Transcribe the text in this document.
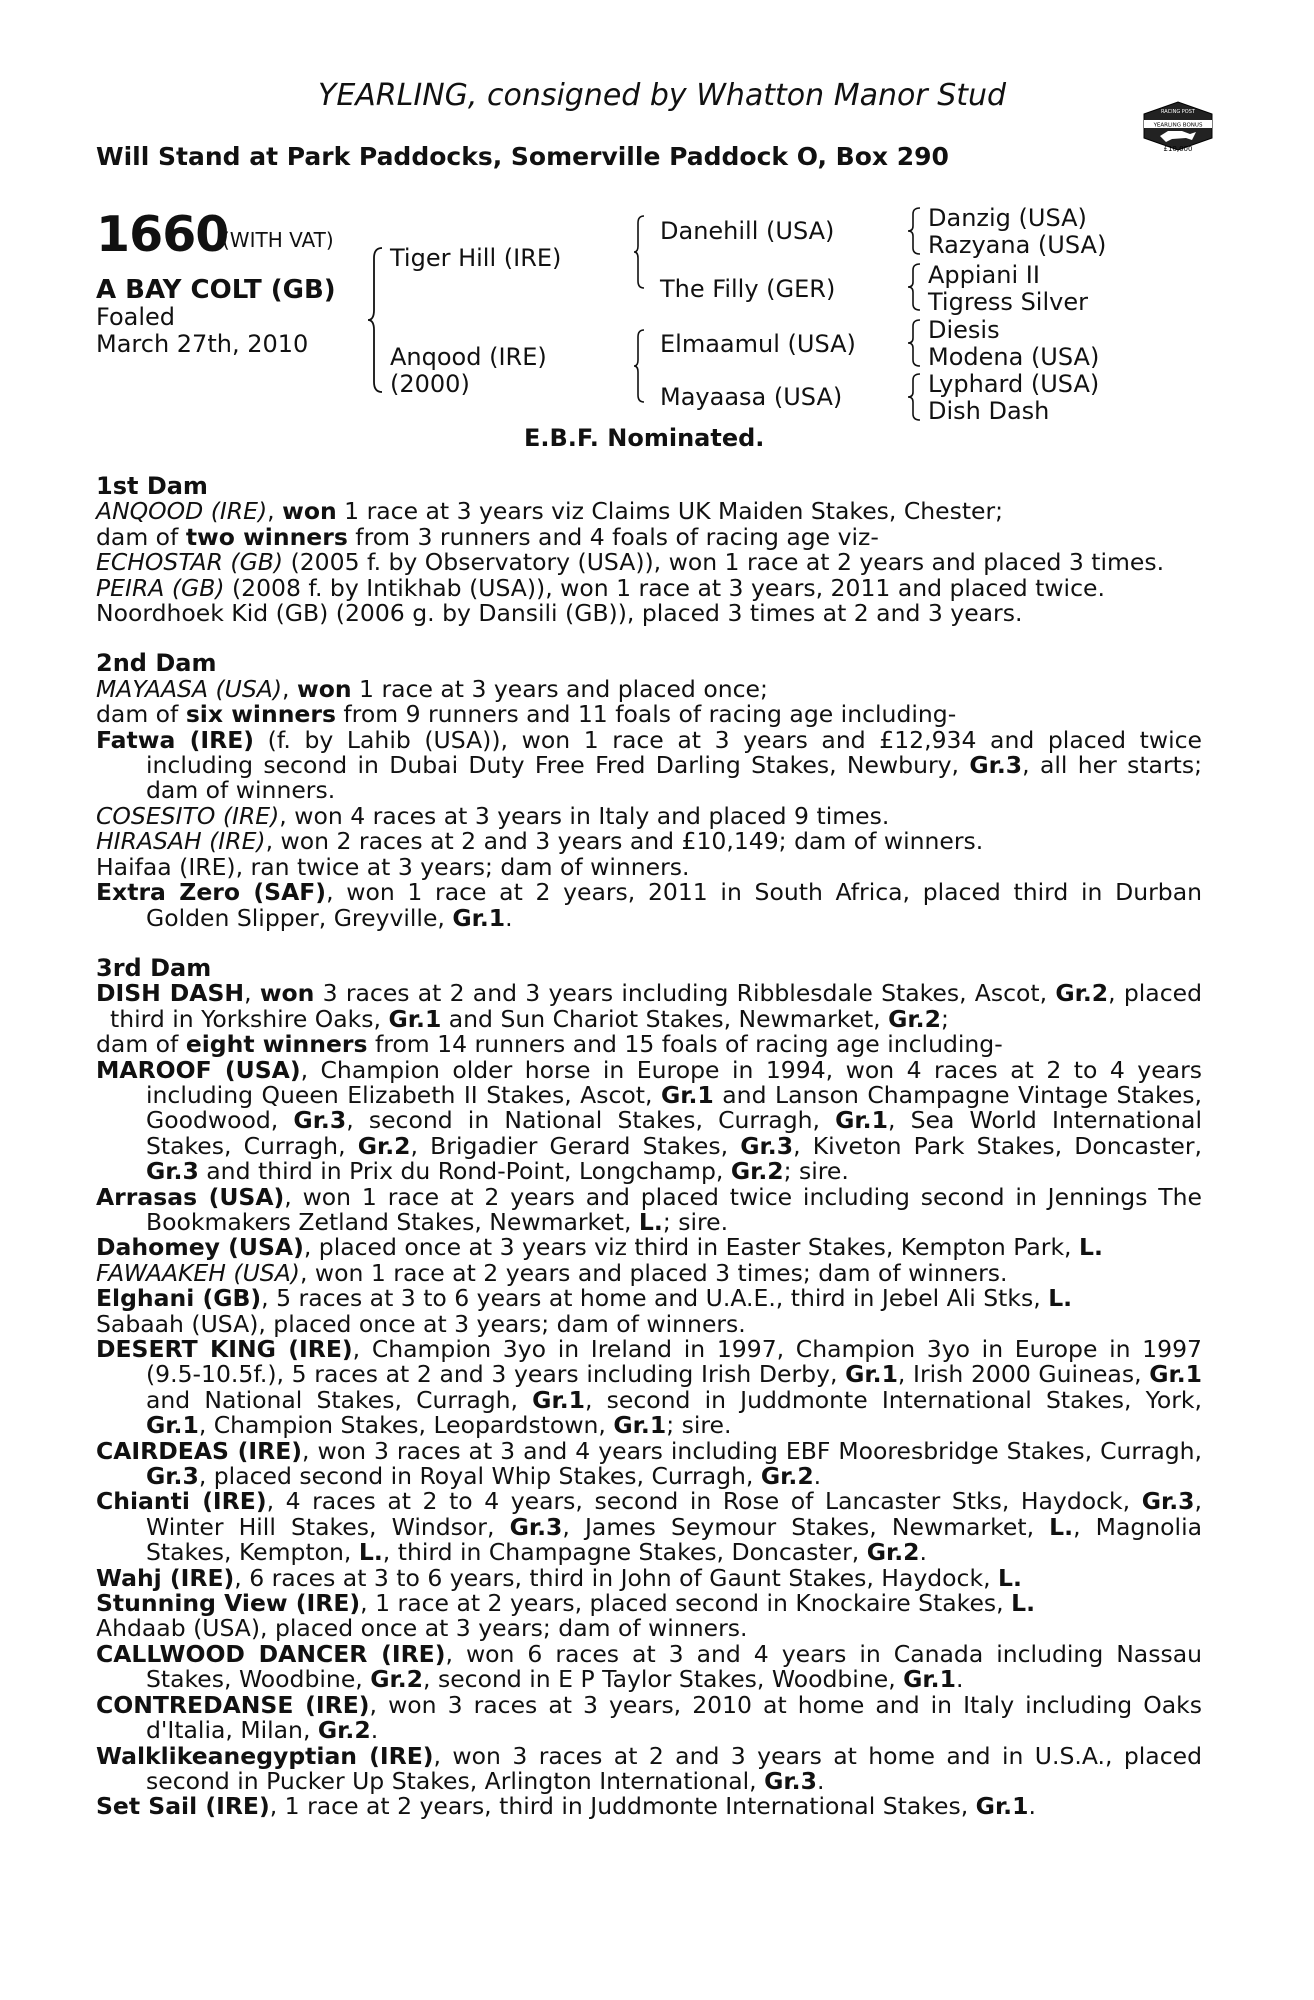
YEARLING, consigned by Whatton Manor Stud
Will Stand at Park Paddocks, Somerville Paddock O, Box 290
RACING POST
YEARLING BONUS
£10,000
1660
(WITH VAT)
A BAY COLT (GB)
Foaled
March 27th, 2010
Tiger Hill (IRE)
Anqood (IRE)
(2000)
Danehill (USA)
The Filly (GER)
Elmaamul (USA)
Mayaasa (USA)
Danzig (USA)
Razyana (USA)
Appiani II
Tigress Silver
Diesis
Modena (USA)
Lyphard (USA)
Dish Dash
E.B.F. Nominated.

1st Dam

ANQOOD (IRE), won 1 race at 3 years viz Claims UK Maiden Stakes, Chester;

dam of two winners from 3 runners and 4 foals of racing age viz-

ECHOSTAR (GB) (2005 f. by Observatory (USA)), won 1 race at 2 years and placed 3 times.

PEIRA (GB) (2008 f. by Intikhab (USA)), won 1 race at 3 years, 2011 and placed twice.

Noordhoek Kid (GB) (2006 g. by Dansili (GB)), placed 3 times at 2 and 3 years.

2nd Dam

MAYAASA (USA), won 1 race at 3 years and placed once;

dam of six winners from 9 runners and 11 foals of racing age including-

Fatwa (IRE) (f. by Lahib (USA)), won 1 race at 3 years and £12,934 and placed twice including second in Dubai Duty Free Fred Darling Stakes, Newbury, Gr.3, all her starts; dam of winners.

COSESITO (IRE), won 4 races at 3 years in Italy and placed 9 times.

HIRASAH (IRE), won 2 races at 2 and 3 years and £10,149; dam of winners.

Haifaa (IRE), ran twice at 3 years; dam of winners.

Extra Zero (SAF), won 1 race at 2 years, 2011 in South Africa, placed third in Durban Golden Slipper, Greyville, Gr.1.

3rd Dam

DISH DASH, won 3 races at 2 and 3 years including Ribblesdale Stakes, Ascot, Gr.2, placed third in Yorkshire Oaks, Gr.1 and Sun Chariot Stakes, Newmarket, Gr.2;

dam of eight winners from 14 runners and 15 foals of racing age including-

MAROOF (USA), Champion older horse in Europe in 1994, won 4 races at 2 to 4 years including Queen Elizabeth II Stakes, Ascot, Gr.1 and Lanson Champagne Vintage Stakes, Goodwood, Gr.3, second in National Stakes, Curragh, Gr.1, Sea World International Stakes, Curragh, Gr.2, Brigadier Gerard Stakes, Gr.3, Kiveton Park Stakes, Doncaster, Gr.3 and third in Prix du Rond-Point, Longchamp, Gr.2; sire.

Arrasas (USA), won 1 race at 2 years and placed twice including second in Jennings The Bookmakers Zetland Stakes, Newmarket, L.; sire.

Dahomey (USA), placed once at 3 years viz third in Easter Stakes, Kempton Park, L.

FAWAAKEH (USA), won 1 race at 2 years and placed 3 times; dam of winners.

Elghani (GB), 5 races at 3 to 6 years at home and U.A.E., third in Jebel Ali Stks, L.

Sabaah (USA), placed once at 3 years; dam of winners.

DESERT KING (IRE), Champion 3yo in Ireland in 1997, Champion 3yo in Europe in 1997 (9.5-10.5f.), 5 races at 2 and 3 years including Irish Derby, Gr.1, Irish 2000 Guineas, Gr.1 and National Stakes, Curragh, Gr.1, second in Juddmonte International Stakes, York, Gr.1, Champion Stakes, Leopardstown, Gr.1; sire.

CAIRDEAS (IRE), won 3 races at 3 and 4 years including EBF Mooresbridge Stakes, Curragh, Gr.3, placed second in Royal Whip Stakes, Curragh, Gr.2.

Chianti (IRE), 4 races at 2 to 4 years, second in Rose of Lancaster Stks, Haydock, Gr.3, Winter Hill Stakes, Windsor, Gr.3, James Seymour Stakes, Newmarket, L., Magnolia Stakes, Kempton, L., third in Champagne Stakes, Doncaster, Gr.2.

Wahj (IRE), 6 races at 3 to 6 years, third in John of Gaunt Stakes, Haydock, L.

Stunning View (IRE), 1 race at 2 years, placed second in Knockaire Stakes, L.

Ahdaab (USA), placed once at 3 years; dam of winners.

CALLWOOD DANCER (IRE), won 6 races at 3 and 4 years in Canada including Nassau Stakes, Woodbine, Gr.2, second in E P Taylor Stakes, Woodbine, Gr.1.

CONTREDANSE (IRE), won 3 races at 3 years, 2010 at home and in Italy including Oaks d'Italia, Milan, Gr.2.

Walklikeanegyptian (IRE), won 3 races at 2 and 3 years at home and in U.S.A., placed second in Pucker Up Stakes, Arlington International, Gr.3.

Set Sail (IRE), 1 race at 2 years, third in Juddmonte International Stakes, Gr.1.
